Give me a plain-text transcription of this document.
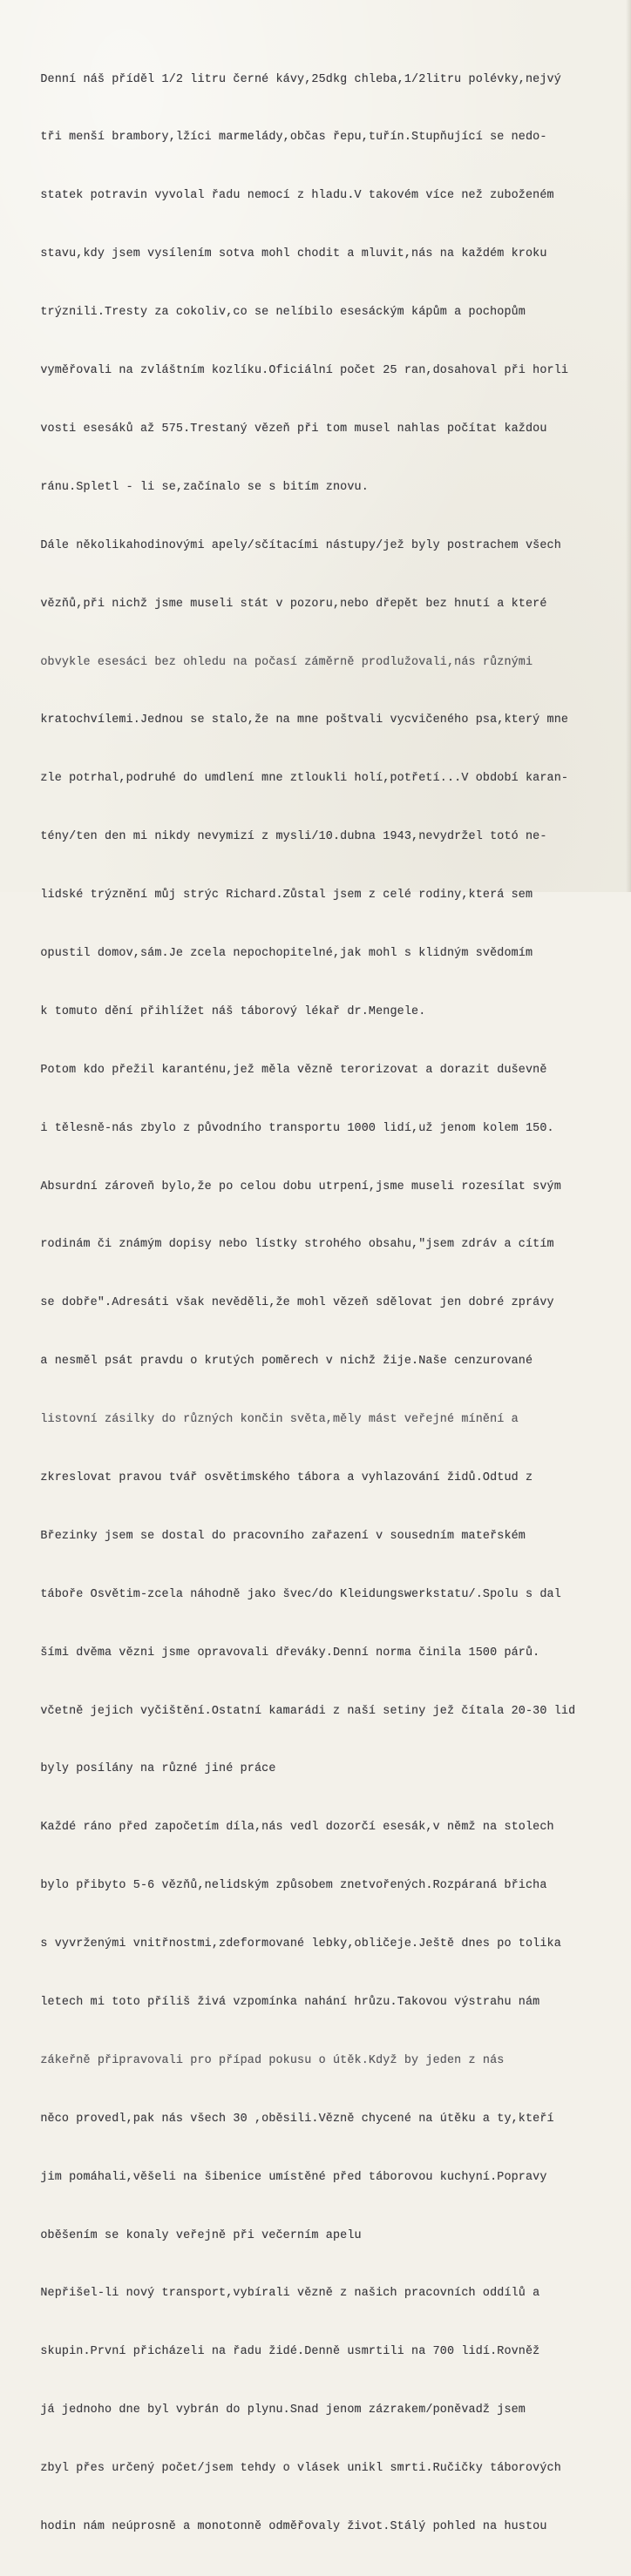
Denní náš příděl 1/2 litru černé kávy,25dkg chleba,1/2litru polévky,nejvý

tři menší brambory,lžíci marmelády,občas řepu,tuřín.Stupňující se nedo-

statek potravin vyvolal řadu nemocí z hladu.V takovém více než zuboženém

stavu,kdy jsem vysílením sotva mohl chodit a mluvit,nás na každém kroku

trýznili.Tresty za cokoliv,co se nelíbilo esesáckým kápům a pochopům

vyměřovali na zvláštním kozlíku.Oficiální počet 25 ran,dosahoval při horli

vosti esesáků až 575.Trestaný vězeň při tom musel nahlas počítat každou

ránu.Spletl - li se,začínalo se s bitím znovu.

Dále několikahodinovými apely/sčítacími nástupy/jež byly postrachem všech

vězňů,při nichž jsme museli stát v pozoru,nebo dřepět bez hnutí a které

obvykle esesáci bez ohledu na počasí záměrně prodlužovali,nás různými

kratochvílemi.Jednou se stalo,že na mne poštvali vycvičeného psa,který mne

zle potrhal,podruhé do umdlení mne ztloukli holí,potřetí...V období karan-

tény/ten den mi nikdy nevymizí z mysli/10.dubna 1943,nevydržel totó ne-

lidské trýznění můj strýc Richard.Zůstal jsem z celé rodiny,která sem

opustil domov,sám.Je zcela nepochopitelné,jak mohl s klidným svědomím

k tomuto dění přihlížet náš táborový lékař dr.Mengele.

Potom kdo přežil karanténu,jež měla vězně terorizovat a dorazit duševně

i tělesně-nás zbylo z původního transportu 1000 lidí,už jenom kolem 150.

Absurdní zároveň bylo,že po celou dobu utrpení,jsme museli rozesílat svým

rodinám či známým dopisy nebo lístky strohého obsahu,"jsem zdráv a cítím

se dobře".Adresáti však nevěděli,že mohl vězeň sdělovat jen dobré zprávy

a nesměl psát pravdu o krutých poměrech v nichž žije.Naše cenzurované

listovní zásilky do různých končin světa,měly mást veřejné mínění a

zkreslovat pravou tvář osvětimského tábora a vyhlazování židů.Odtud z

Březinky jsem se dostal do pracovního zařazení v sousedním mateřském

táboře Osvětim-zcela náhodně jako švec/do Kleidungswerkstatu/.Spolu s dal

šími dvěma vězni jsme opravovali dřeváky.Denní norma činila 1500 párů.

včetně jejich vyčištění.Ostatní kamarádi z naší setiny jež čítala 20-30 lid

byly posílány na různé jiné práce

Každé ráno před započetím díla,nás vedl dozorčí esesák,v němž na stolech

bylo přibyto 5-6 vězňů,nelidským způsobem znetvořených.Rozpáraná břicha

s vyvrženými vnitřnostmi,zdeformované lebky,obličeje.Ještě dnes po tolika

letech mi toto příliš živá vzpomínka nahání hrůzu.Takovou výstrahu nám

zákeřně připravovali pro případ pokusu o útěk.Když by jeden z nás

něco provedl,pak nás všech 30 ,oběsili.Vězně chycené na útěku a ty,kteří

jim pomáhali,věšeli na šibenice umístěné před táborovou kuchyní.Popravy

oběšením se konaly veřejně při večerním apelu

Nepřišel-li nový transport,vybírali vězně z našich pracovních oddílů a

skupin.První přicházeli na řadu židé.Denně usmrtili na 700 lidí.Rovněž

já jednoho dne byl vybrán do plynu.Snad jenom zázrakem/poněvadž jsem

zbyl přes určený počet/jsem tehdy o vlásek unikl smrti.Ručičky táborových

hodin nám neúprosně a monotonně odměřovaly život.Stálý pohled na hustou
